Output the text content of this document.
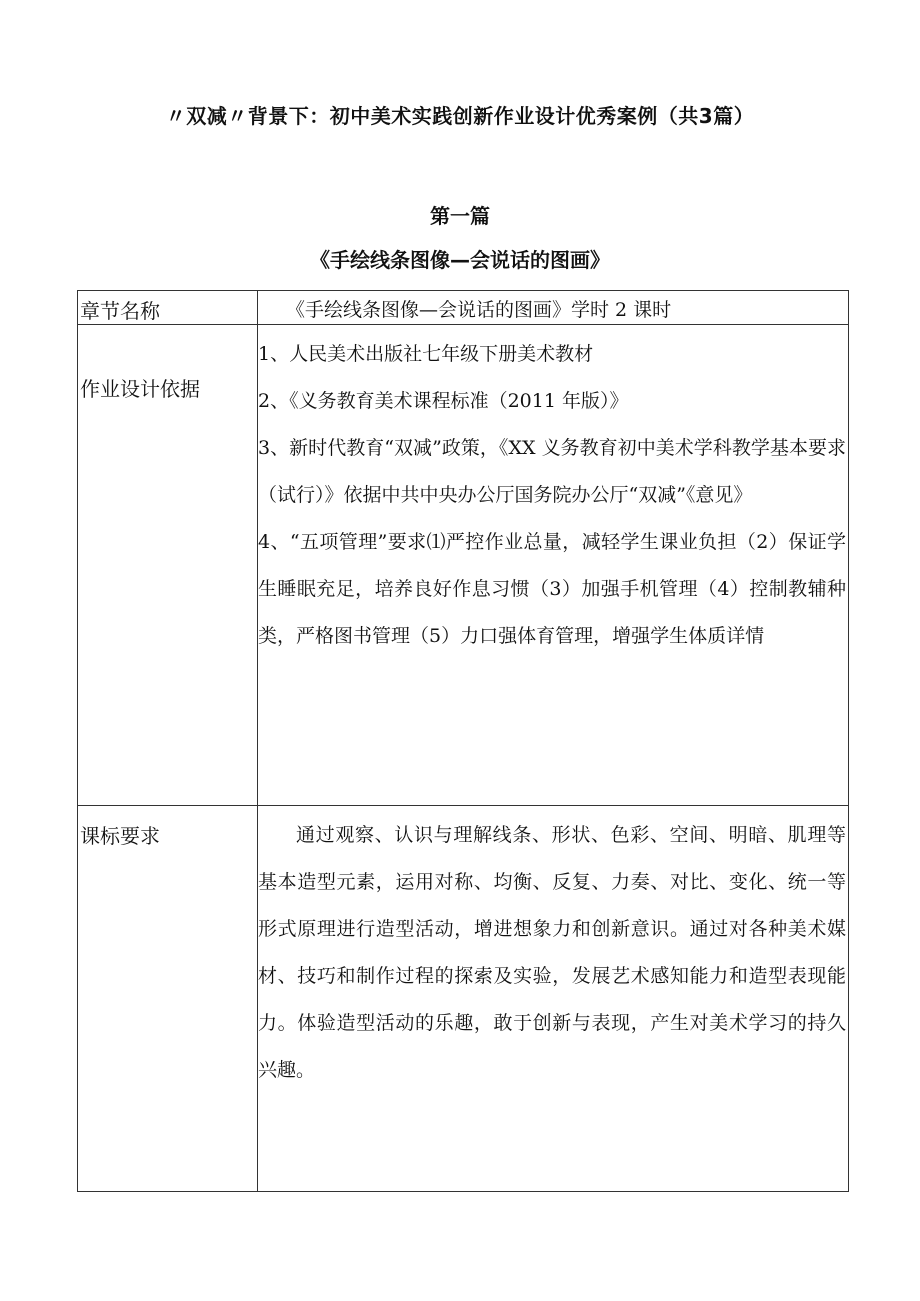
〃双减〃背景下：初中美术实践创新作业设计优秀案例（共3篇）
第一篇
《手绘线条图像—会说话的图画》
章节名称	《手绘线条图像—会说话的图画》学时 2 课时

作业设计依据	1、人民美术出版社七年级下册美术教材
2、《义务教育美术课程标准（2011 年版）》
3、新时代教育“双减”政策，《XX 义务教育初中美术学科教学基本要求（试行）》依据中共中央办公厅国务院办公厅“双减”《意见》
4、“五项管理”要求⑴严控作业总量，减轻学生课业负担（2）保证学生睡眠充足，培养良好作息习惯（3）加强手机管理（4）控制教辅种类，严格图书管理（5）力口强体育管理，增强学生体质详情

课标要求	通过观察、认识与理解线条、形状、色彩、空间、明暗、肌理等基本造型元素，运用对称、均衡、反复、力奏、对比、变化、统一等形式原理进行造型活动，增进想象力和创新意识。通过对各种美术媒材、技巧和制作过程的探索及实验，发展艺术感知能力和造型表现能力。体验造型活动的乐趣，敢于创新与表现，产生对美术学习的持久兴趣。
